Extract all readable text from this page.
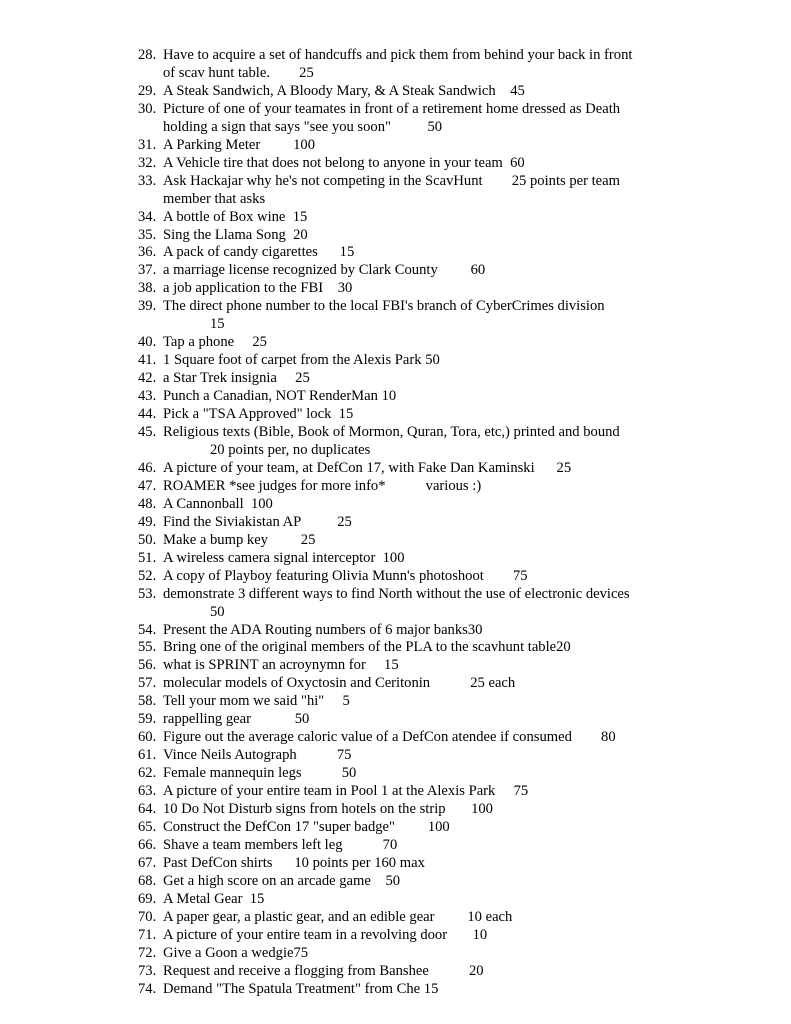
28. Have to acquire a set of handcuffs and pick them from behind your back in front
of scav hunt table.        25
29. A Steak Sandwich, A Bloody Mary, & A Steak Sandwich    45
30. Picture of one of your teamates in front of a retirement home dressed as Death
holding a sign that says "see you soon"          50
31. A Parking Meter         100
32. A Vehicle tire that does not belong to anyone in your team  60
33. Ask Hackajar why he's not competing in the ScavHunt        25 points per team
member that asks
34. A bottle of Box wine  15
35. Sing the Llama Song  20
36. A pack of candy cigarettes      15
37. a marriage license recognized by Clark County         60
38. a job application to the FBI    30
39. The direct phone number to the local FBI's branch of CyberCrimes division
15
40. Tap a phone     25
41. 1 Square foot of carpet from the Alexis Park 50
42. a Star Trek insignia     25
43. Punch a Canadian, NOT RenderMan 10
44. Pick a "TSA Approved" lock  15
45. Religious texts (Bible, Book of Mormon, Quran, Tora, etc,) printed and bound
20 points per, no duplicates
46. A picture of your team, at DefCon 17, with Fake Dan Kaminski      25
47. ROAMER *see judges for more info*           various :)
48. A Cannonball  100
49. Find the Siviakistan AP          25
50. Make a bump key         25
51. A wireless camera signal interceptor  100
52. A copy of Playboy featuring Olivia Munn's photoshoot        75
53. demonstrate 3 different ways to find North without the use of electronic devices
50
54. Present the ADA Routing numbers of 6 major banks30
55. Bring one of the original members of the PLA to the scavhunt table20
56. what is SPRINT an acroynymn for     15
57. molecular models of Oxyctosin and Ceritonin           25 each
58. Tell your mom we said "hi"     5
59. rappelling gear            50
60. Figure out the average caloric value of a DefCon atendee if consumed        80
61. Vince Neils Autograph           75
62. Female mannequin legs           50
63. A picture of your entire team in Pool 1 at the Alexis Park     75
64. 10 Do Not Disturb signs from hotels on the strip       100
65. Construct the DefCon 17 "super badge"         100
66. Shave a team members left leg           70
67. Past DefCon shirts      10 points per 160 max
68. Get a high score on an arcade game    50
69. A Metal Gear  15
70. A paper gear, a plastic gear, and an edible gear         10 each
71. A picture of your entire team in a revolving door       10
72. Give a Goon a wedgie75
73. Request and receive a flogging from Banshee           20
74. Demand "The Spatula Treatment" from Che 15
